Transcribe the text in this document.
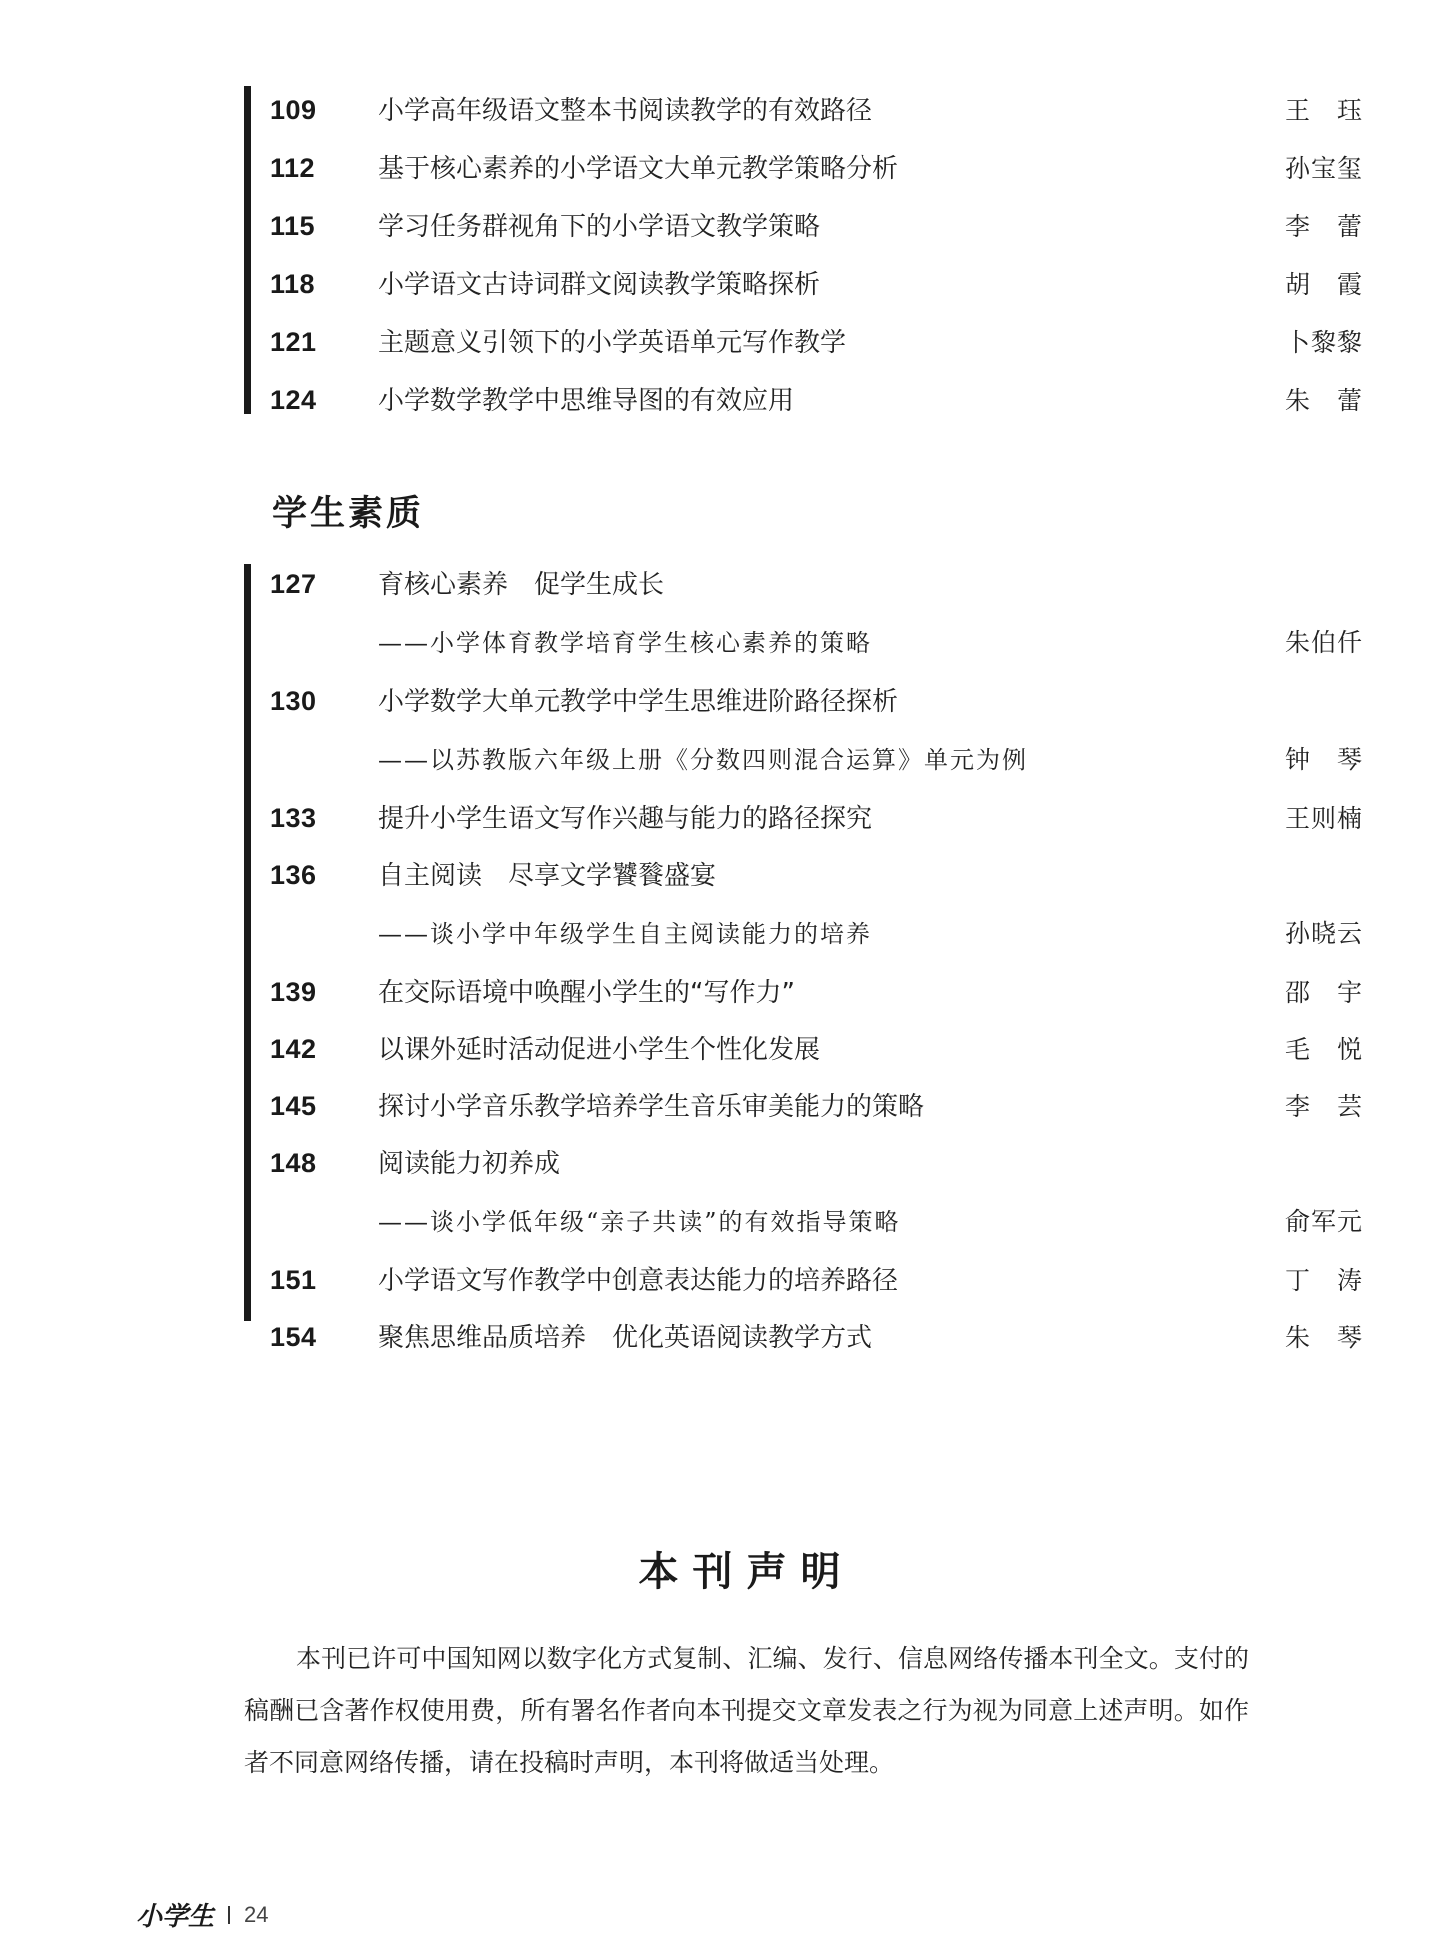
109	小学高年级语文整本书阅读教学的有效路径	王　珏
112	基于核心素养的小学语文大单元教学策略分析	孙宝玺
115	学习任务群视角下的小学语文教学策略	李　蕾
118	小学语文古诗词群文阅读教学策略探析	胡　霞
121	主题意义引领下的小学英语单元写作教学	卜黎黎
124	小学数学教学中思维导图的有效应用	朱　蕾
学生素质
127	育核心素养　促学生成长
——小学体育教学培育学生核心素养的策略	朱伯仟
130	小学数学大单元教学中学生思维进阶路径探析
——以苏教版六年级上册《分数四则混合运算》单元为例	钟　琴
133	提升小学生语文写作兴趣与能力的路径探究	王则楠
136	自主阅读　尽享文学饕餮盛宴
——谈小学中年级学生自主阅读能力的培养	孙晓云
139	在交际语境中唤醒小学生的“写作力”	邵　宇
142	以课外延时活动促进小学生个性化发展	毛　悦
145	探讨小学音乐教学培养学生音乐审美能力的策略	李　芸
148	阅读能力初养成
——谈小学低年级“亲子共读”的有效指导策略	俞军元
151	小学语文写作教学中创意表达能力的培养路径	丁　涛
154	聚焦思维品质培养　优化英语阅读教学方式	朱　琴
本刊声明

本刊已许可中国知网以数字化方式复制、汇编、发行、信息网络传播本刊全文。支付的稿酬已含著作权使用费，所有署名作者向本刊提交文章发表之行为视为同意上述声明。如作者不同意网络传播，请在投稿时声明，本刊将做适当处理。

小学生 24
